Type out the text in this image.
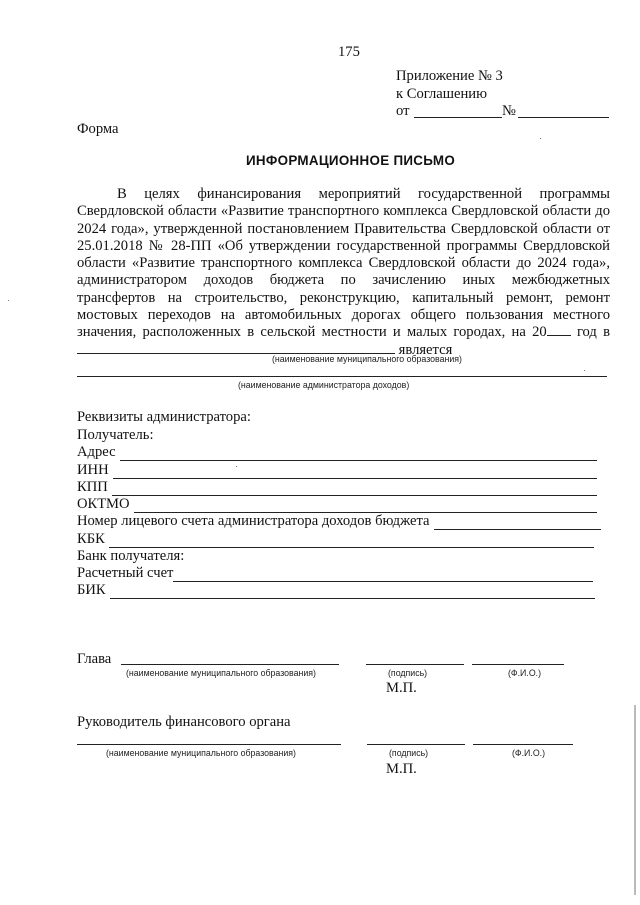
175
Приложение № 3
к Соглашению
от	№
Форма
ИНФОРМАЦИОННОЕ ПИСЬМО
В целях финансирования мероприятий государственной программы Свердловской области «Развитие транспортного комплекса Свердловской области до 2024 года», утвержденной постановлением Правительства Свердловской области от 25.01.2018 № 28-ПП «Об утверждении государственной программы Свердловской области «Развитие транспортного комплекса Свердловской области до 2024 года», администратором доходов бюджета по зачислению иных межбюджетных трансфертов на строительство, реконструкцию, капитальный ремонт, ремонт мостовых переходов на автомобильных дорогах общего пользования местного значения, расположенных в сельской местности и малых городах, на 20 год в  является
(наименование муниципального образования)
(наименование администратора доходов)
Реквизиты администратора:
Получатель:
Адрес
ИНН
КПП
ОКТМО
Номер лицевого счета администратора доходов бюджета
КБК
Банк получателя:
Расчетный счет
БИК
Глава
(наименование муниципального образования)	(подпись)	(Ф.И.О.)
М.П.
Руководитель финансового органа
(наименование муниципального образования)	(подпись)	(Ф.И.О.)
М.П.
